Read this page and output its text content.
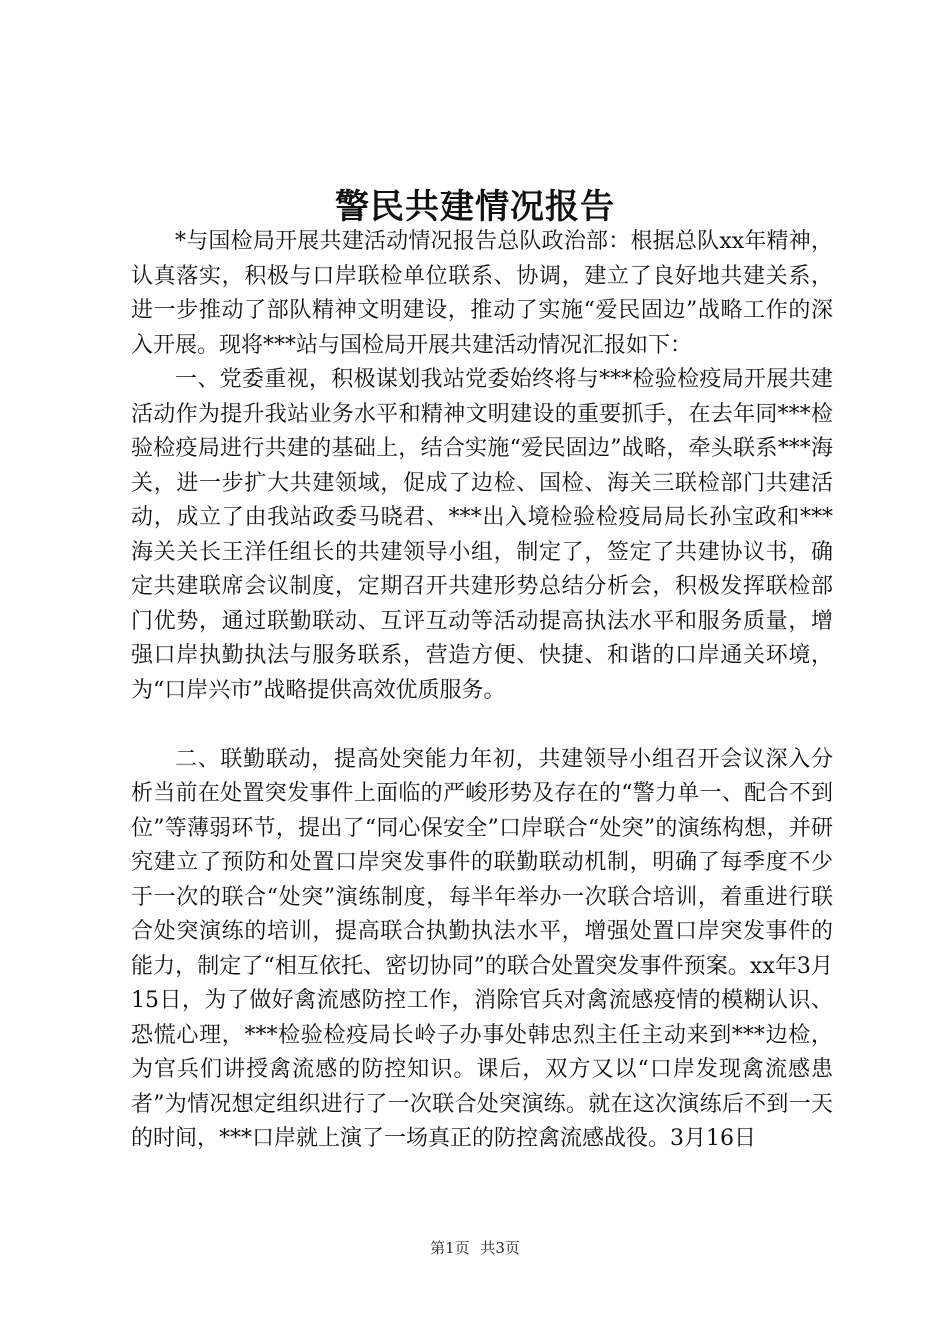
警民共建情况报告

*与国检局开展共建活动情况报告总队政治部：根据总队xx年精神，认真落实，积极与口岸联检单位联系、协调，建立了良好地共建关系，进一步推动了部队精神文明建设，推动了实施“爱民固边”战略工作的深入开展。现将***站与国检局开展共建活动情况汇报如下：

一、党委重视，积极谋划我站党委始终将与***检验检疫局开展共建活动作为提升我站业务水平和精神文明建设的重要抓手，在去年同***检验检疫局进行共建的基础上，结合实施“爱民固边”战略，牵头联系***海关，进一步扩大共建领域，促成了边检、国检、海关三联检部门共建活动，成立了由我站政委马晓君、***出入境检验检疫局局长孙宝政和***海关关长王洋任组长的共建领导小组，制定了，签定了共建协议书，确定共建联席会议制度，定期召开共建形势总结分析会，积极发挥联检部门优势，通过联勤联动、互评互动等活动提高执法水平和服务质量，增强口岸执勤执法与服务联系，营造方便、快捷、和谐的口岸通关环境，为“口岸兴市”战略提供高效优质服务。

二、联勤联动，提高处突能力年初，共建领导小组召开会议深入分析当前在处置突发事件上面临的严峻形势及存在的“警力单一、配合不到位”等薄弱环节，提出了“同心保安全”口岸联合“处突”的演练构想，并研究建立了预防和处置口岸突发事件的联勤联动机制，明确了每季度不少于一次的联合“处突”演练制度，每半年举办一次联合培训，着重进行联合处突演练的培训，提高联合执勤执法水平，增强处置口岸突发事件的能力，制定了“相互依托、密切协同”的联合处置突发事件预案。xx年3月15日，为了做好禽流感防控工作，消除官兵对禽流感疫情的模糊认识、恐慌心理，***检验检疫局长岭子办事处韩忠烈主任主动来到***边检，为官兵们讲授禽流感的防控知识。课后，双方又以“口岸发现禽流感患者”为情况想定组织进行了一次联合处突演练。就在这次演练后不到一天的时间，***口岸就上演了一场真正的防控禽流感战役。3月16日

第1页 共3页
